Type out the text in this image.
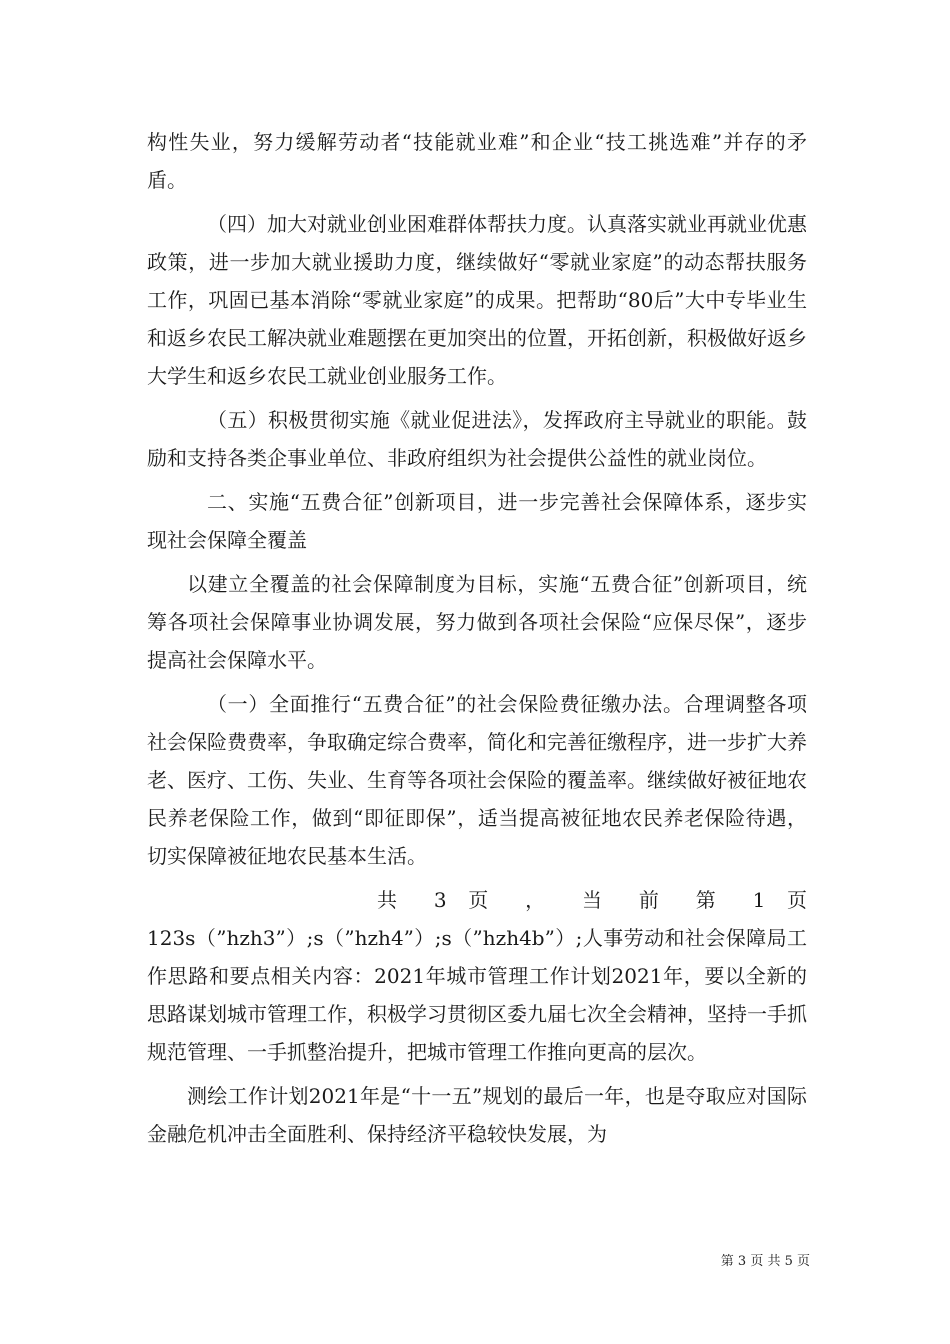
构性失业，努力缓解劳动者“技能就业难”和企业“技工挑选难”并存的矛盾。

（四）加大对就业创业困难群体帮扶力度。认真落实就业再就业优惠政策，进一步加大就业援助力度，继续做好“零就业家庭”的动态帮扶服务工作，巩固已基本消除“零就业家庭”的成果。把帮助“80后”大中专毕业生和返乡农民工解决就业难题摆在更加突出的位置，开拓创新，积极做好返乡大学生和返乡农民工就业创业服务工作。

（五）积极贯彻实施《就业促进法》，发挥政府主导就业的职能。鼓励和支持各类企事业单位、非政府组织为社会提供公益性的就业岗位。

二、实施“五费合征”创新项目，进一步完善社会保障体系，逐步实现社会保障全覆盖

以建立全覆盖的社会保障制度为目标，实施“五费合征”创新项目，统筹各项社会保障事业协调发展，努力做到各项社会保险“应保尽保”，逐步提高社会保障水平。

（一）全面推行“五费合征”的社会保险费征缴办法。合理调整各项社会保险费费率，争取确定综合费率，简化和完善征缴程序，进一步扩大养老、医疗、工伤、失业、生育等各项社会保险的覆盖率。继续做好被征地农民养老保险工作，做到“即征即保”，适当提高被征地农民养老保险待遇，切实保障被征地农民基本生活。

共 3 页 ， 当 前 第 1 页

123s（”hzh3”）;s（”hzh4”）;s（”hzh4b”）;人事劳动和社会保障局工作思路和要点相关内容：2021年城市管理工作计划2021年，要以全新的思路谋划城市管理工作，积极学习贯彻区委九届七次全会精神，坚持一手抓规范管理、一手抓整治提升，把城市管理工作推向更高的层次。

测绘工作计划2021年是“十一五”规划的最后一年，也是夺取应对国际金融危机冲击全面胜利、保持经济平稳较快发展，为

第 3 页 共 5 页
